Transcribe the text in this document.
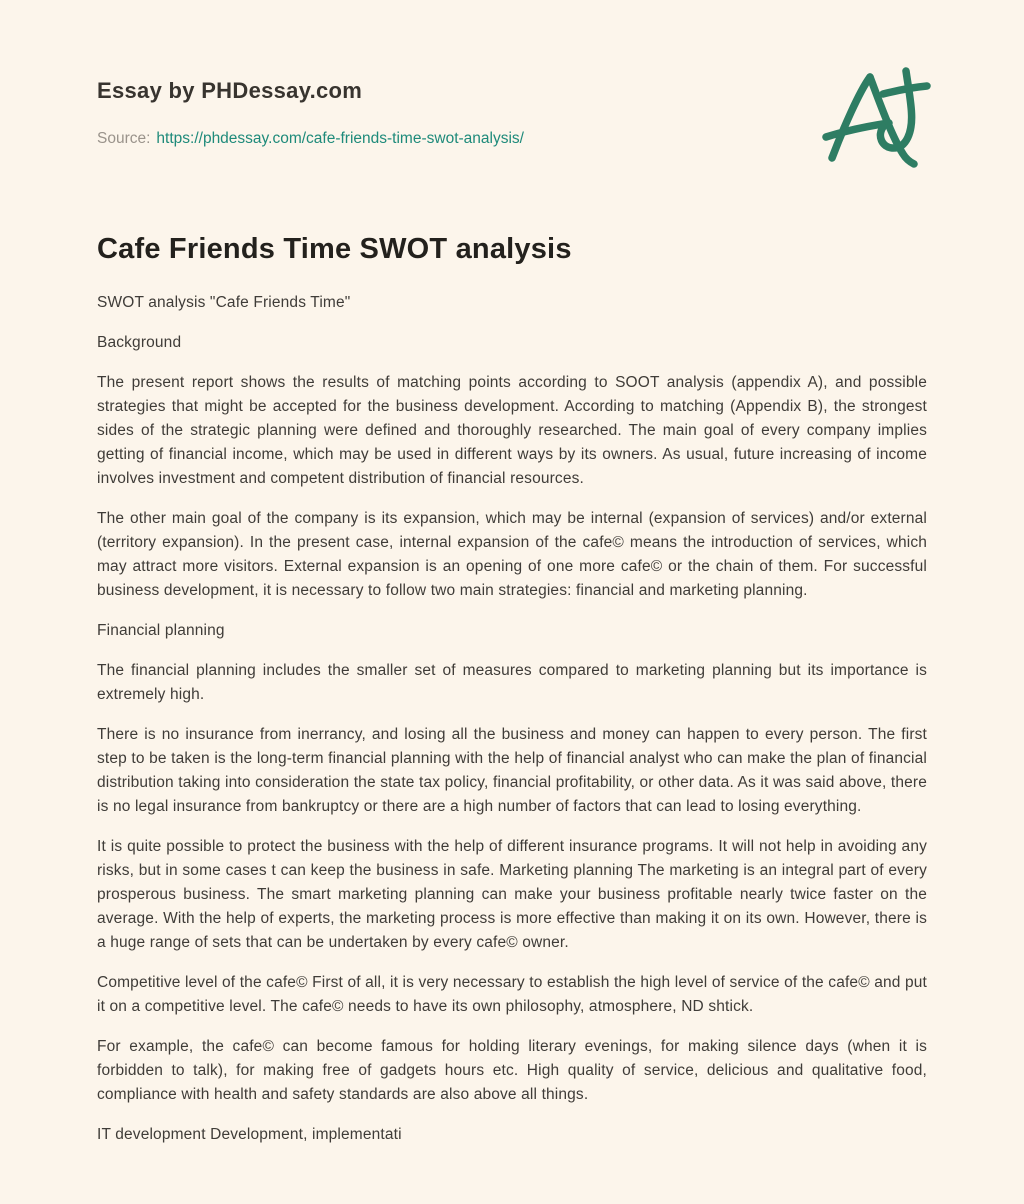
Essay by PHDessay.com

Source: https://phdessay.com/cafe-friends-time-swot-analysis/

Cafe Friends Time SWOT analysis

SWOT analysis "Cafe Friends Time"

Background

The present report shows the results of matching points according to SOOT analysis (appendix A), and possible strategies that might be accepted for the business development. According to matching (Appendix B), the strongest sides of the strategic planning were defined and thoroughly researched. The main goal of every company implies getting of financial income, which may be used in different ways by its owners. As usual, future increasing of income involves investment and competent distribution of financial resources.

The other main goal of the company is its expansion, which may be internal (expansion of services) and/or external (territory expansion). In the present case, internal expansion of the cafe© means the introduction of services, which may attract more visitors. External expansion is an opening of one more cafe© or the chain of them. For successful business development, it is necessary to follow two main strategies: financial and marketing planning.

Financial planning

The financial planning includes the smaller set of measures compared to marketing planning but its importance is extremely high.

There is no insurance from inerrancy, and losing all the business and money can happen to every person. The first step to be taken is the long-term financial planning with the help of financial analyst who can make the plan of financial distribution taking into consideration the state tax policy, financial profitability, or other data. As it was said above, there is no legal insurance from bankruptcy or there are a high number of factors that can lead to losing everything.

It is quite possible to protect the business with the help of different insurance programs. It will not help in avoiding any risks, but in some cases t can keep the business in safe. Marketing planning The marketing is an integral part of every prosperous business. The smart marketing planning can make your business profitable nearly twice faster on the average. With the help of experts, the marketing process is more effective than making it on its own. However, there is a huge range of sets that can be undertaken by every cafe© owner.

Competitive level of the cafe© First of all, it is very necessary to establish the high level of service of the cafe© and put it on a competitive level. The cafe© needs to have its own philosophy, atmosphere, ND shtick.

For example, the cafe© can become famous for holding literary evenings, for making silence days (when it is forbidden to talk), for making free of gadgets hours etc. High quality of service, delicious and qualitative food, compliance with health and safety standards are also above all things.

IT development Development, implementati
